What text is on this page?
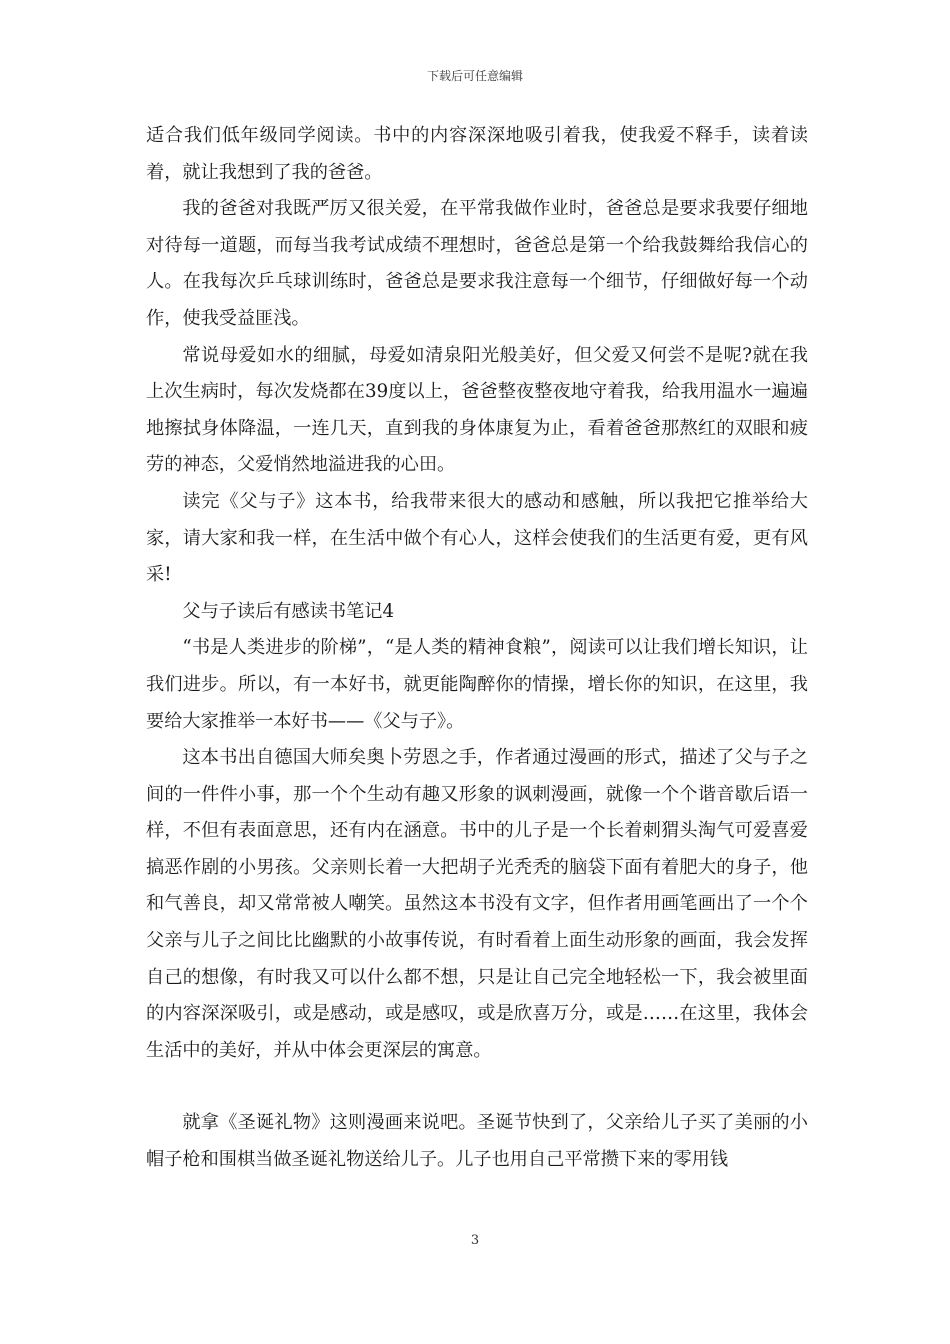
下载后可任意编辑

适合我们低年级同学阅读。书中的内容深深地吸引着我，使我爱不释手，读着读着，就让我想到了我的爸爸。

我的爸爸对我既严厉又很关爱，在平常我做作业时，爸爸总是要求我要仔细地对待每一道题，而每当我考试成绩不理想时，爸爸总是第一个给我鼓舞给我信心的人。在我每次乒乓球训练时，爸爸总是要求我注意每一个细节，仔细做好每一个动作，使我受益匪浅。

常说母爱如水的细腻，母爱如清泉阳光般美好，但父爱又何尝不是呢?就在我上次生病时，每次发烧都在39度以上，爸爸整夜整夜地守着我，给我用温水一遍遍地擦拭身体降温，一连几天，直到我的身体康复为止，看着爸爸那熬红的双眼和疲劳的神态，父爱悄然地溢进我的心田。

读完《父与子》这本书，给我带来很大的感动和感触，所以我把它推举给大家，请大家和我一样，在生活中做个有心人，这样会使我们的生活更有爱，更有风采!

父与子读后有感读书笔记4

“书是人类进步的阶梯”，“是人类的精神食粮”，阅读可以让我们增长知识，让我们进步。所以，有一本好书，就更能陶醉你的情操，增长你的知识，在这里，我要给大家推举一本好书——《父与子》。

这本书出自德国大师矣奥卜劳恩之手，作者通过漫画的形式，描述了父与子之间的一件件小事，那一个个生动有趣又形象的讽刺漫画，就像一个个谐音歇后语一样，不但有表面意思，还有内在涵意。书中的儿子是一个长着刺猬头淘气可爱喜爱搞恶作剧的小男孩。父亲则长着一大把胡子光秃秃的脑袋下面有着肥大的身子，他和气善良，却又常常被人嘲笑。虽然这本书没有文字，但作者用画笔画出了一个个父亲与儿子之间比比幽默的小故事传说，有时看着上面生动形象的画面，我会发挥自己的想像，有时我又可以什么都不想，只是让自己完全地轻松一下，我会被里面的内容深深吸引，或是感动，或是感叹，或是欣喜万分，或是……在这里，我体会生活中的美好，并从中体会更深层的寓意。

就拿《圣诞礼物》这则漫画来说吧。圣诞节快到了，父亲给儿子买了美丽的小帽子枪和围棋当做圣诞礼物送给儿子。儿子也用自己平常攒下来的零用钱

3
